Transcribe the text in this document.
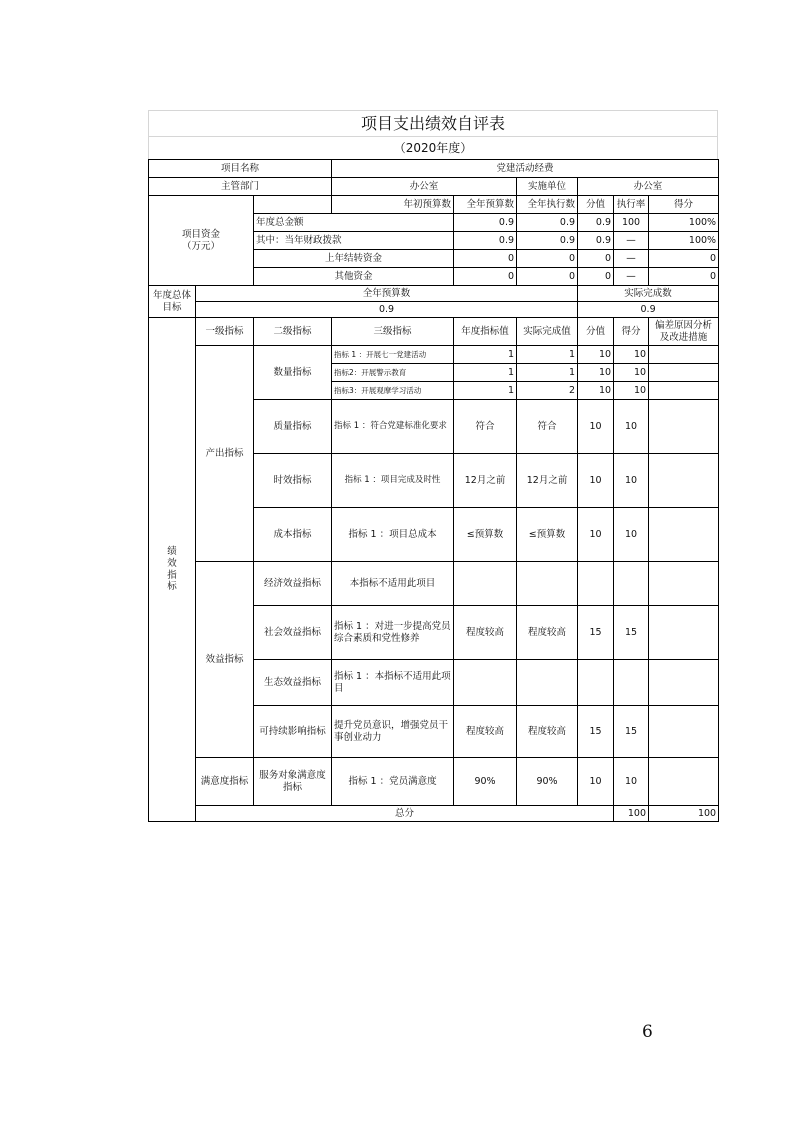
项目支出绩效自评表
（2020年度）
项目名称			党建活动经费						
主管部门			办公室		实施单位	办公室			
项目资金
（万元）			年初预算数	全年预算数	全年执行数	分值	执行率	得分	
		年度总金额		0.9	0.9	0.9	100	100%	
		其中：当年财政拨款		0.9	0.9	0.9	—	100%	
		上年结转资金		0	0	0	—	0	
		其他资金		0	0	0	—	0	
年度总体目标	全年预算数					实际完成数			
	0.9					0.9			
绩效指标	一级指标	二级指标	三级指标	年度指标值	实际完成值	分值	得分	偏差原因分析及改进措施	
	产出指标	数量指标	指标 1 ：开展七一党建活动	1	1	10	10		
			指标2：开展警示教育	1	1	10	10		
			指标3：开展观摩学习活动	1	2	10	10		
		质量指标	指标 1 ：符合党建标准化要求	符合	符合	10	10		
		时效指标	指标 1 ：项目完成及时性	12月之前	12月之前	10	10		
		成本指标	指标 1 ：项目总成本	≤预算数	≤预算数	10	10		
	效益指标	经济效益指标	本指标不适用此项目						
		社会效益指标	指标 1 ：对进一步提高党员综合素质和党性修养	程度较高	程度较高	15	15		
		生态效益指标	指标 1 ：本指标不适用此项目						
		可持续影响指标	提升党员意识，增强党员干事创业动力	程度较高	程度较高	15	15		
	满意度指标	服务对象满意度指标	指标 1 ：党员满意度	90%	90%	10	10		
	总分						100	100	
6
